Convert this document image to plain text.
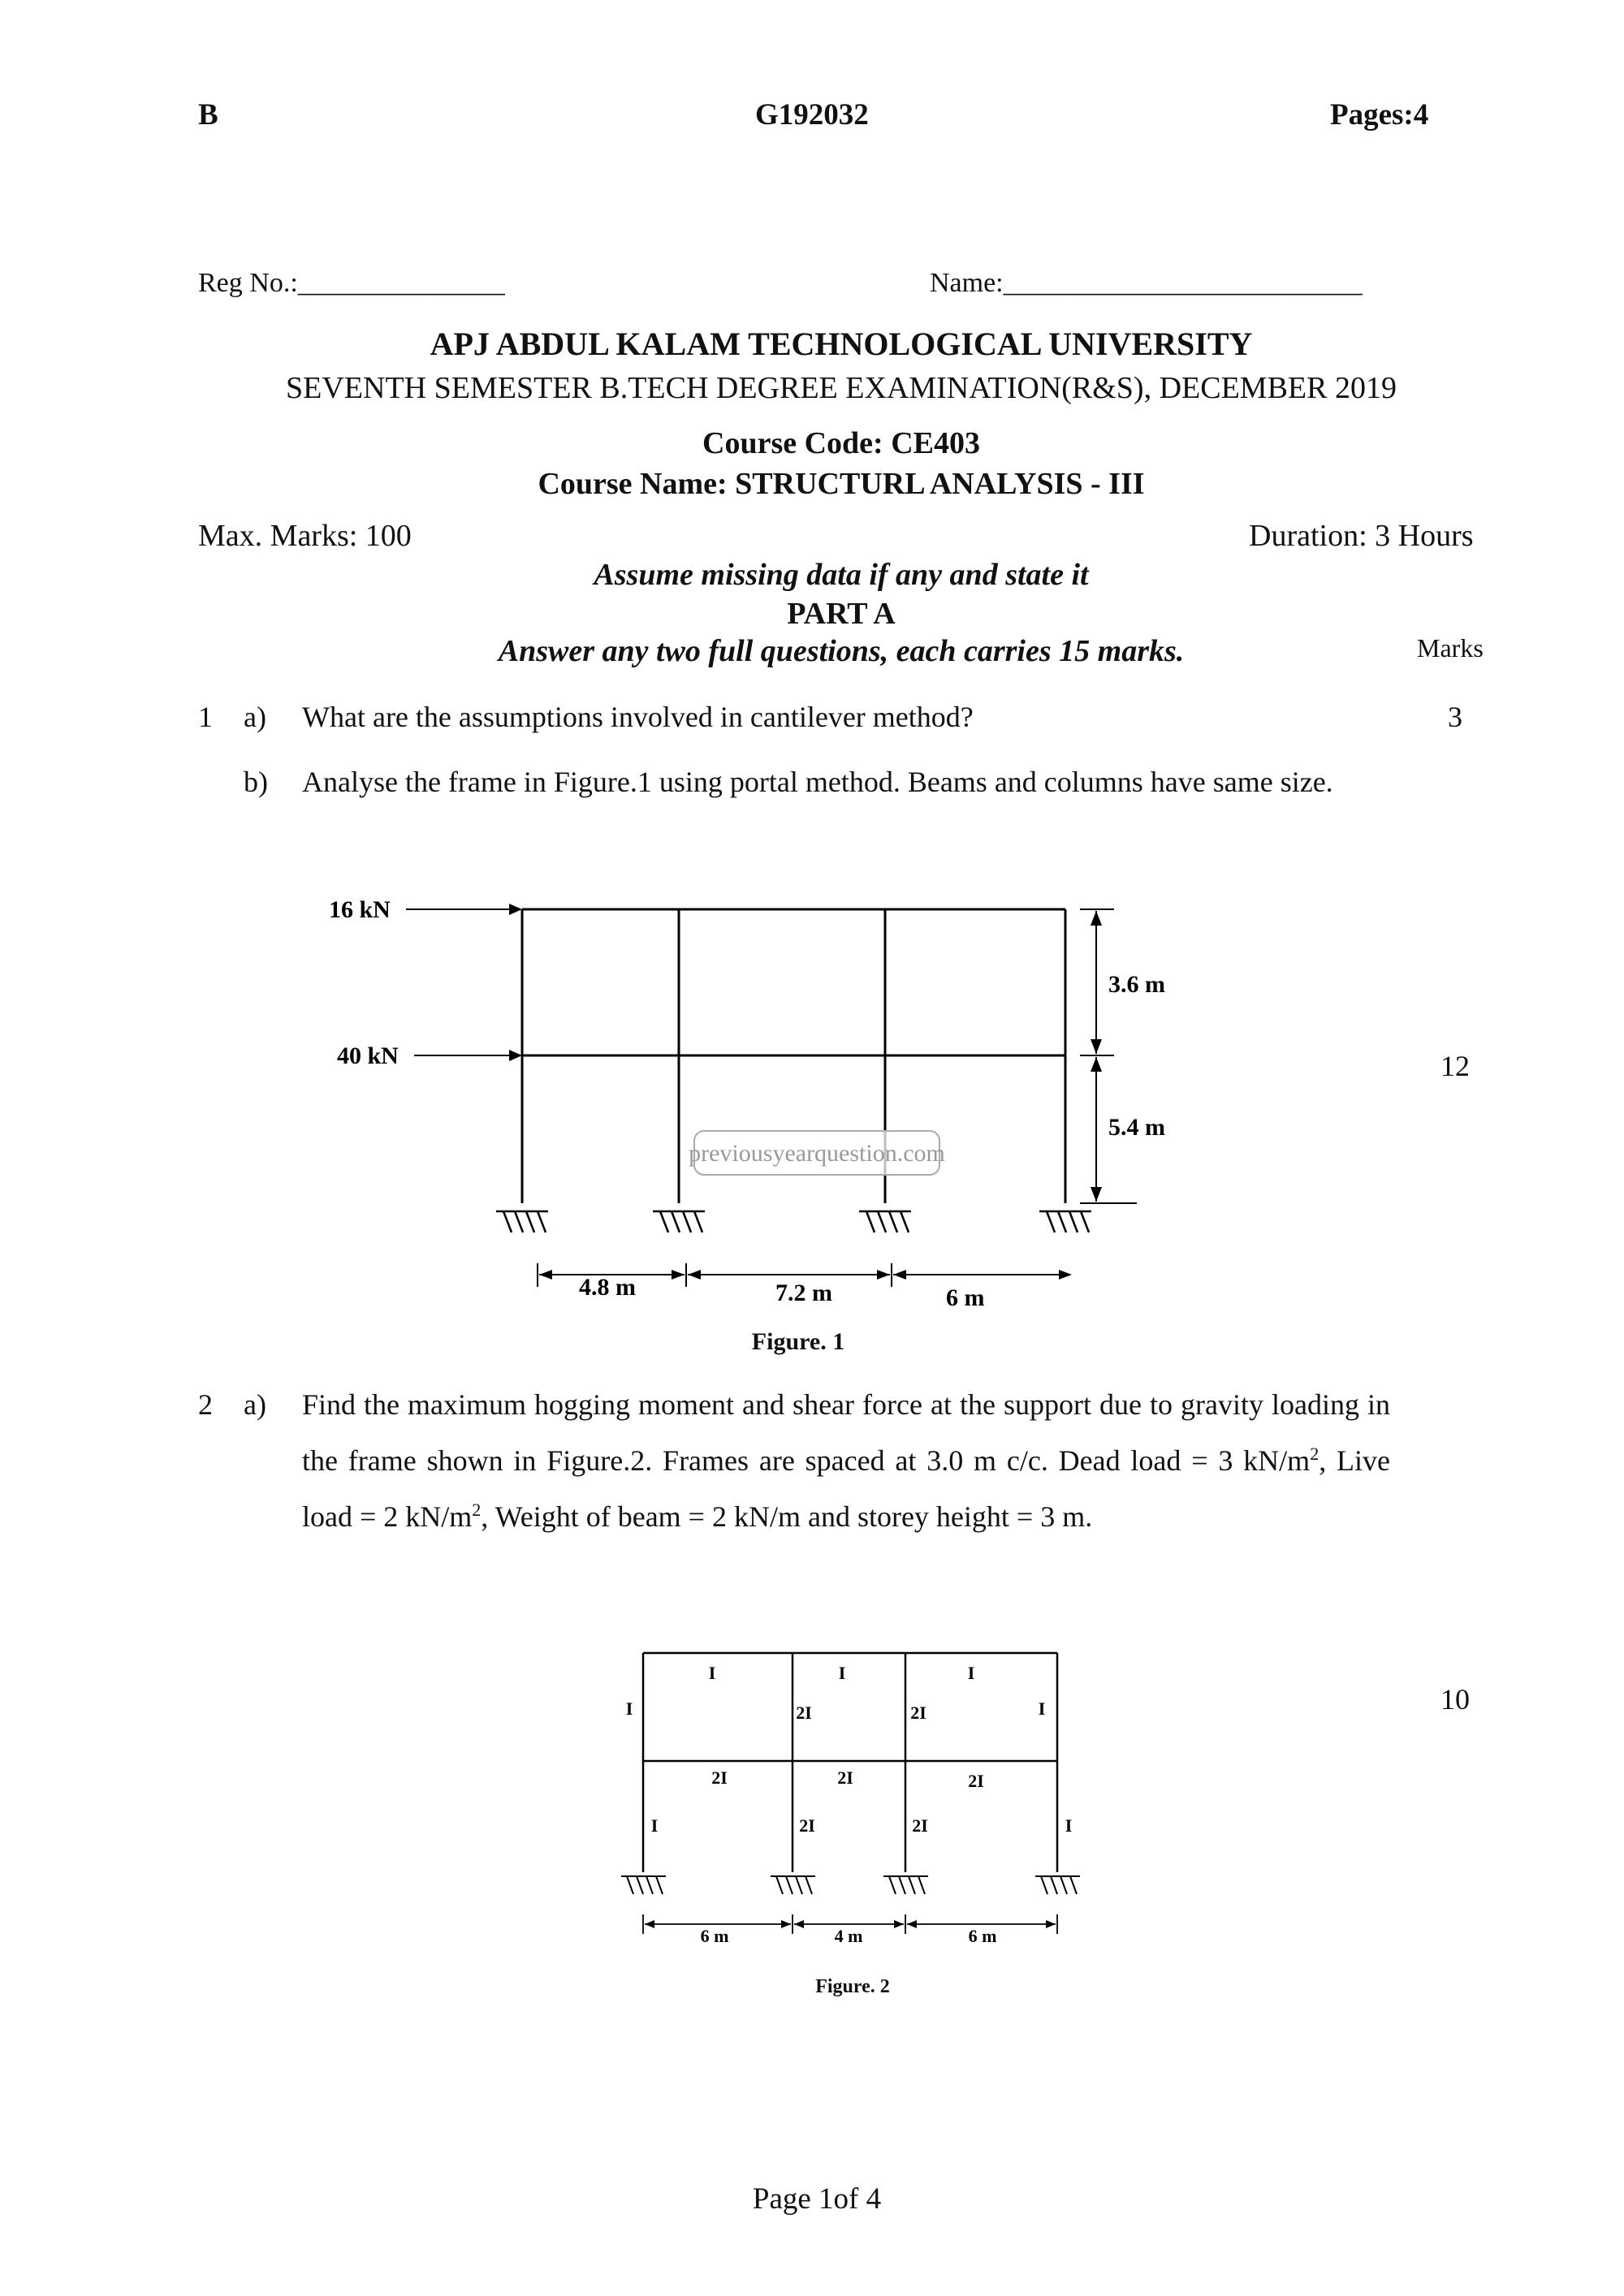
B	G192032	Pages:4
Reg No.:_______________	Name:__________________________
APJ ABDUL KALAM TECHNOLOGICAL UNIVERSITY
SEVENTH SEMESTER B.TECH DEGREE EXAMINATION(R&S), DECEMBER 2019
Course Code: CE403
Course Name: STRUCTURL ANALYSIS - III
Max. Marks: 100	Duration: 3 Hours
Assume missing data if any and state it
PART A
Answer any two full questions, each carries 15 marks.	Marks
1 a) What are the assumptions involved in cantilever method?	3
b) Analyse the frame in Figure.1 using portal method. Beams and columns have same size.
12
16 kN
40 kN
3.6 m
5.4 m
4.8 m	7.2 m	6 m
previousyearquestion.com
Figure. 1
2 a) Find the maximum hogging moment and shear force at the support due to gravity loading in the frame shown in Figure.2. Frames are spaced at 3.0 m c/c. Dead load = 3 $kN/m^2$, Live load = 2 $kN/m^2$, Weight of beam = 2 kN/m and storey height = 3 m.
10
I	I	I
I	2I	2I	I
2I	2I	2I
I	2I	2I	I
6 m	4 m	6 m
Figure. 2
Page 1of 4
